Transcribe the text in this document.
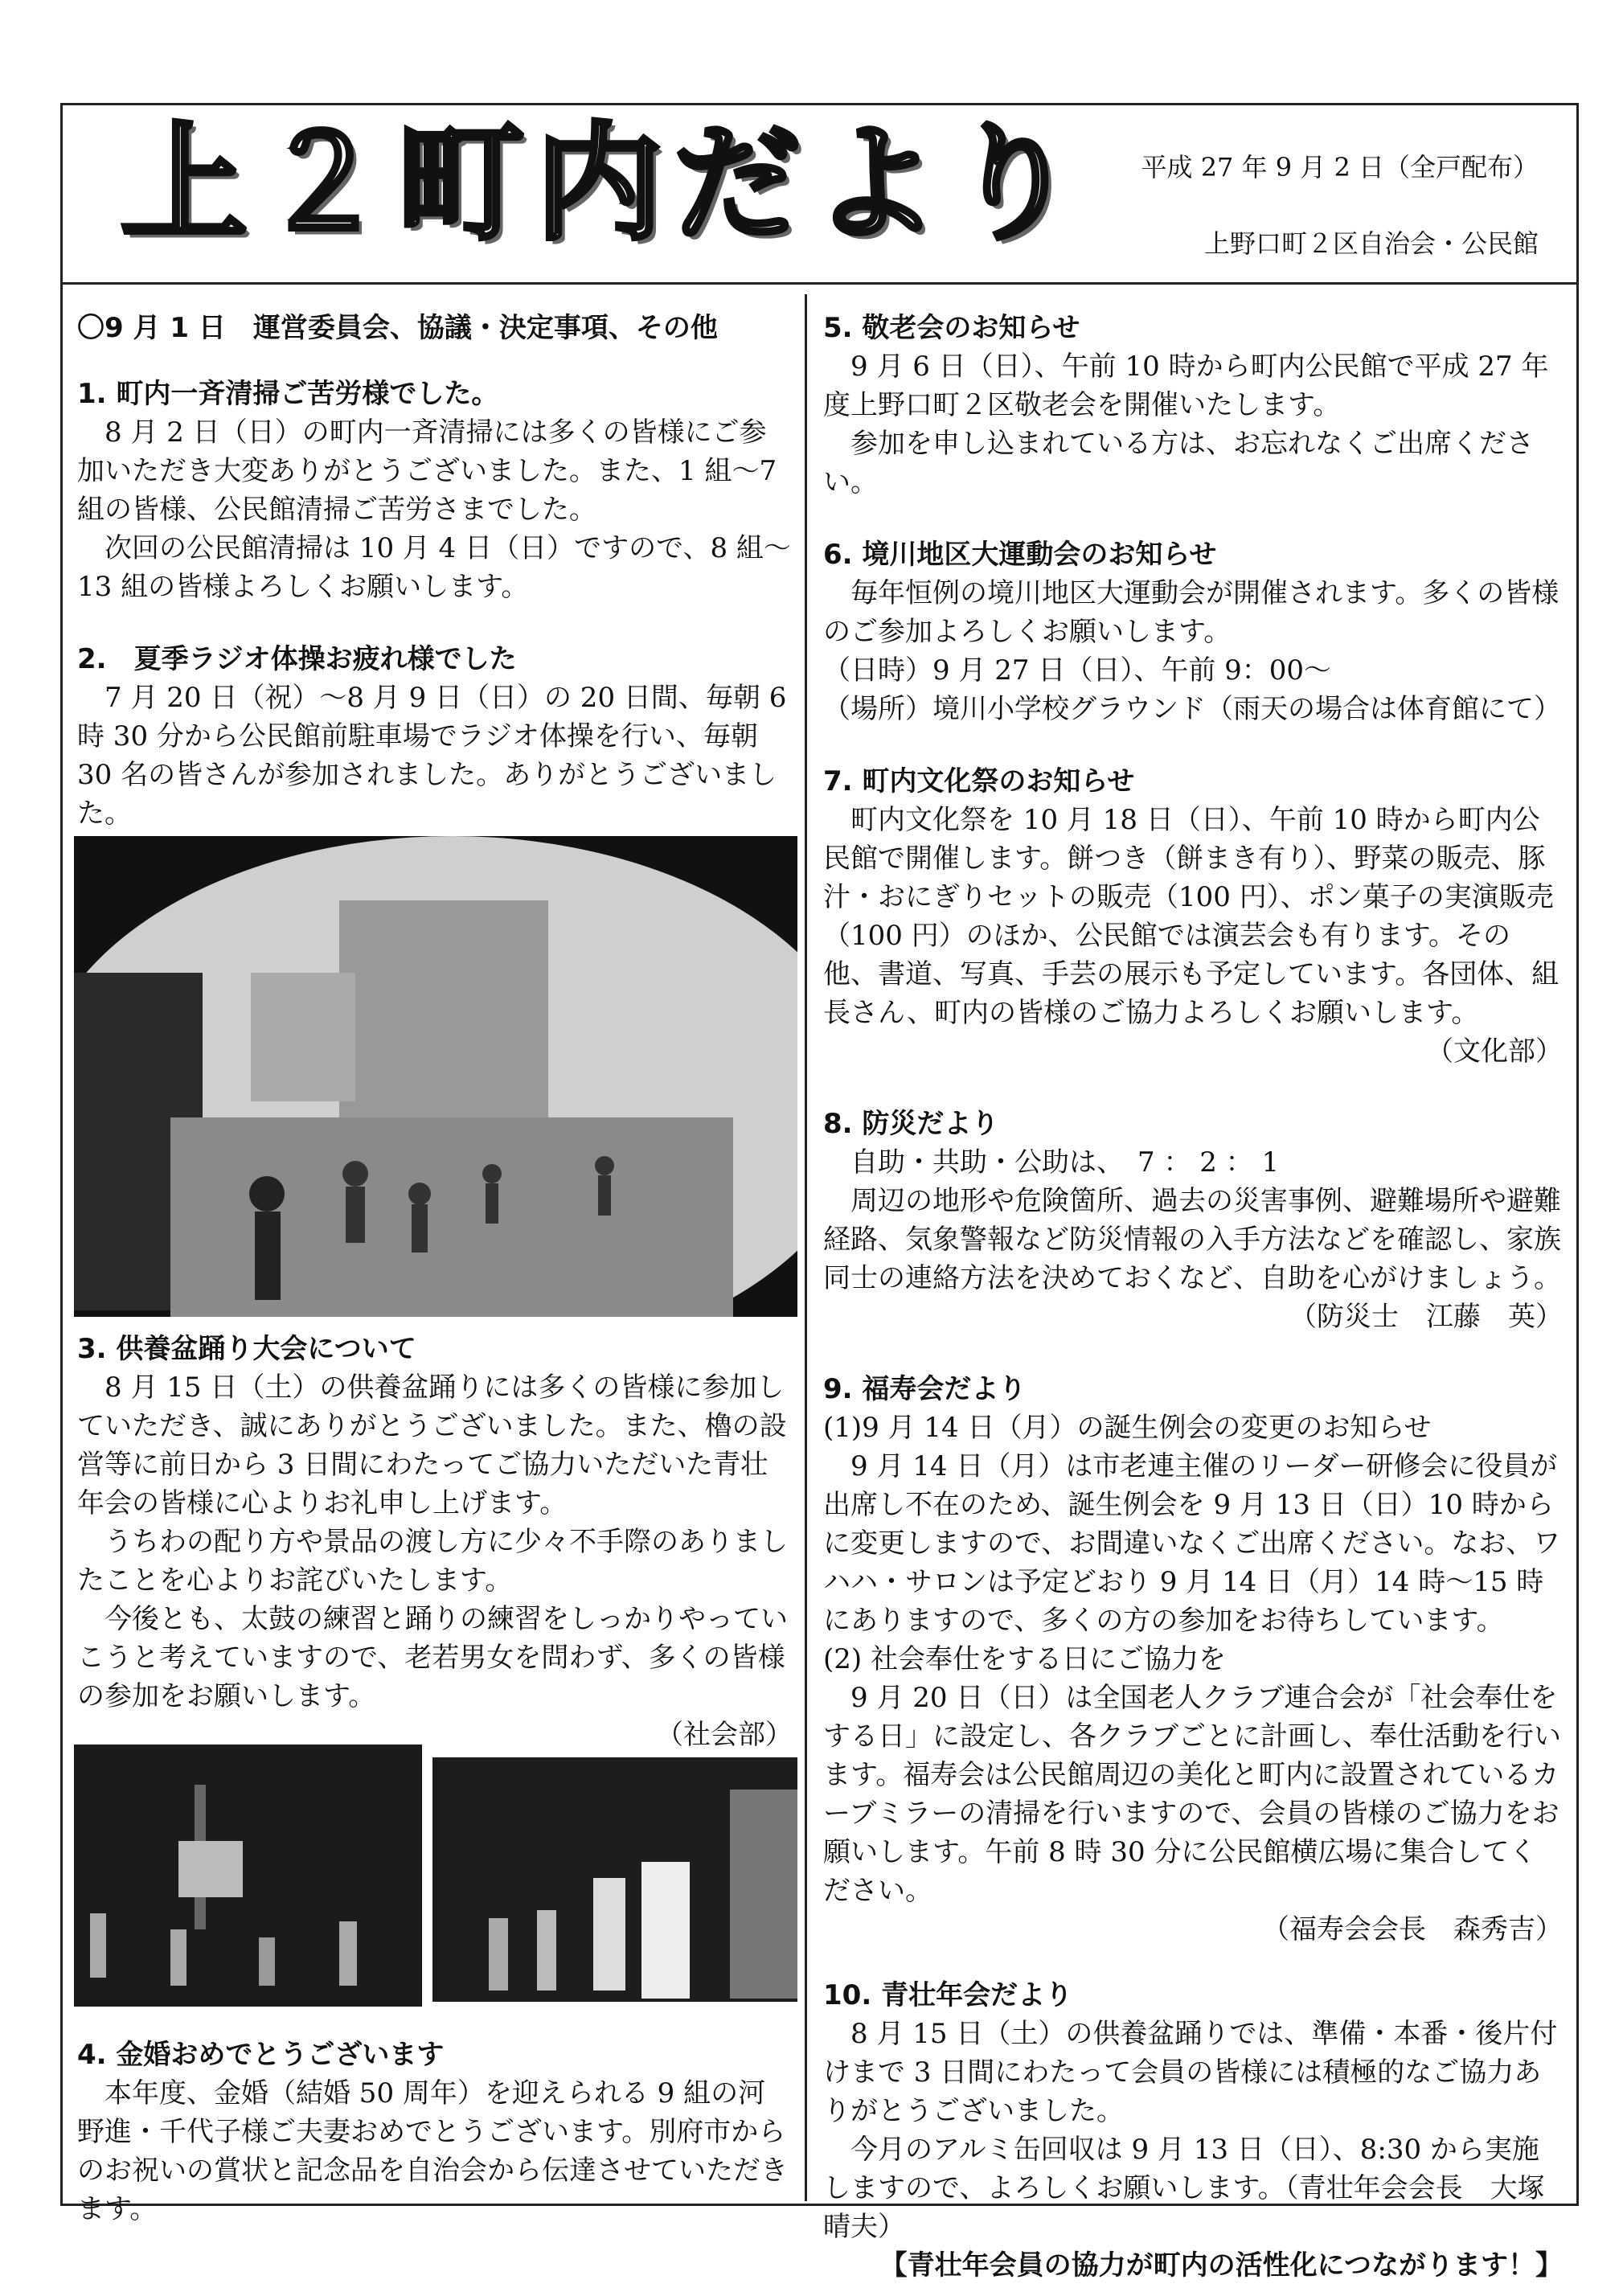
上２町内だより 平成 27 年 9 月 2 日（全戸配布）
上野口町２区自治会・公民館

〇9 月 1 日　運営委員会、協議・決定事項、その他

1. 町内一斉清掃ご苦労様でした。

8 月 2 日（日）の町内一斉清掃には多くの皆様にご参加いただき大変ありがとうございました。また、1 組～7 組の皆様、公民館清掃ご苦労さまでした。

次回の公民館清掃は 10 月 4 日（日）ですので、8 組～13 組の皆様よろしくお願いします。

2.　夏季ラジオ体操お疲れ様でした

7 月 20 日（祝）～8 月 9 日（日）の 20 日間、毎朝 6 時 30 分から公民館前駐車場でラジオ体操を行い、毎朝 30 名の皆さんが参加されました。ありがとうございました。

3. 供養盆踊り大会について

8 月 15 日（土）の供養盆踊りには多くの皆様に参加していただき、誠にありがとうございました。また、櫓の設営等に前日から 3 日間にわたってご協力いただいた青壮年会の皆様に心よりお礼申し上げます。

うちわの配り方や景品の渡し方に少々不手際のありましたことを心よりお詫びいたします。

今後とも、太鼓の練習と踊りの練習をしっかりやっていこうと考えていますので、老若男女を問わず、多くの皆様の参加をお願いします。

（社会部）

4. 金婚おめでとうございます

本年度、金婚（結婚 50 周年）を迎えられる 9 組の河野進・千代子様ご夫妻おめでとうございます。別府市からのお祝いの賞状と記念品を自治会から伝達させていただきます。

5. 敬老会のお知らせ

9 月 6 日（日）、午前 10 時から町内公民館で平成 27 年度上野口町２区敬老会を開催いたします。

参加を申し込まれている方は、お忘れなくご出席ください。

6. 境川地区大運動会のお知らせ

毎年恒例の境川地区大運動会が開催されます。多くの皆様のご参加よろしくお願いします。

（日時）9 月 27 日（日）、午前 9：00～

（場所）境川小学校グラウンド（雨天の場合は体育館にて）

7. 町内文化祭のお知らせ

町内文化祭を 10 月 18 日（日）、午前 10 時から町内公民館で開催します。餅つき（餅まき有り）、野菜の販売、豚汁・おにぎりセットの販売（100 円）、ポン菓子の実演販売（100 円）のほか、公民館では演芸会も有ります。その他、書道、写真、手芸の展示も予定しています。各団体、組長さん、町内の皆様のご協力よろしくお願いします。

（文化部）

8. 防災だより

自助・共助・公助は、　7 ： 2 ： 1

周辺の地形や危険箇所、過去の災害事例、避難場所や避難経路、気象警報など防災情報の入手方法などを確認し、家族同士の連絡方法を決めておくなど、自助を心がけましょう。

（防災士　江藤　英）

9. 福寿会だより

(1)9 月 14 日（月）の誕生例会の変更のお知らせ

9 月 14 日（月）は市老連主催のリーダー研修会に役員が出席し不在のため、誕生例会を 9 月 13 日（日）10 時からに変更しますので、お間違いなくご出席ください。なお、ワハハ・サロンは予定どおり 9 月 14 日（月）14 時～15 時にありますので、多くの方の参加をお待ちしています。

(2) 社会奉仕をする日にご協力を

9 月 20 日（日）は全国老人クラブ連合会が「社会奉仕をする日」に設定し、各クラブごとに計画し、奉仕活動を行います。福寿会は公民館周辺の美化と町内に設置されているカーブミラーの清掃を行いますので、会員の皆様のご協力をお願いします。午前 8 時 30 分に公民館横広場に集合してください。

（福寿会会長　森秀吉）

10. 青壮年会だより

8 月 15 日（土）の供養盆踊りでは、準備・本番・後片付けまで 3 日間にわたって会員の皆様には積極的なご協力ありがとうございました。

今月のアルミ缶回収は 9 月 13 日（日）、8:30 から実施しますので、よろしくお願いします。（青壮年会会長　大塚晴夫）

【青壮年会員の協力が町内の活性化につながります！】
